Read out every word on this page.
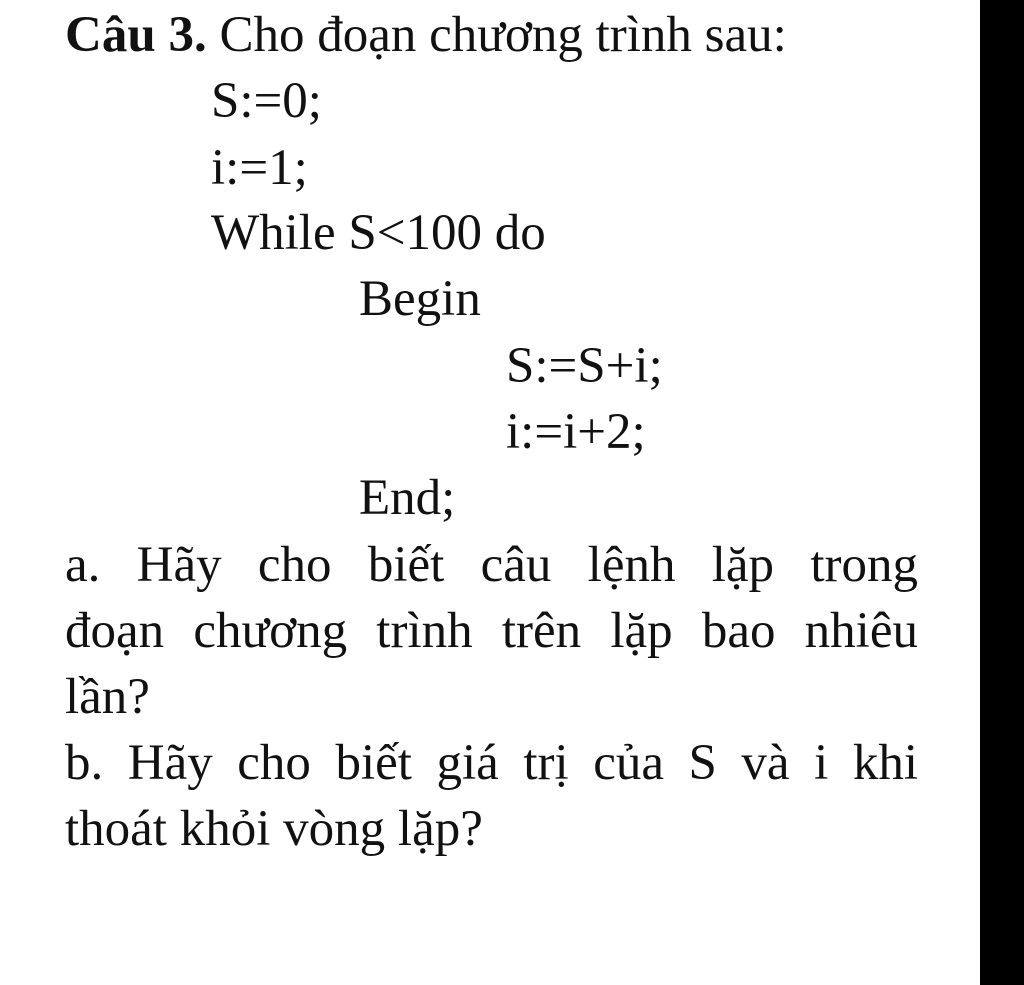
Câu 3. Cho đoạn chương trình sau:
S:=0;
i:=1;
While S<100 do
Begin
S:=S+i;
i:=i+2;
End;
a. Hãy cho biết câu lệnh lặp trong
đoạn chương trình trên lặp bao nhiêu
lần?
b. Hãy cho biết giá trị của S và i khi
thoát khỏi vòng lặp?
